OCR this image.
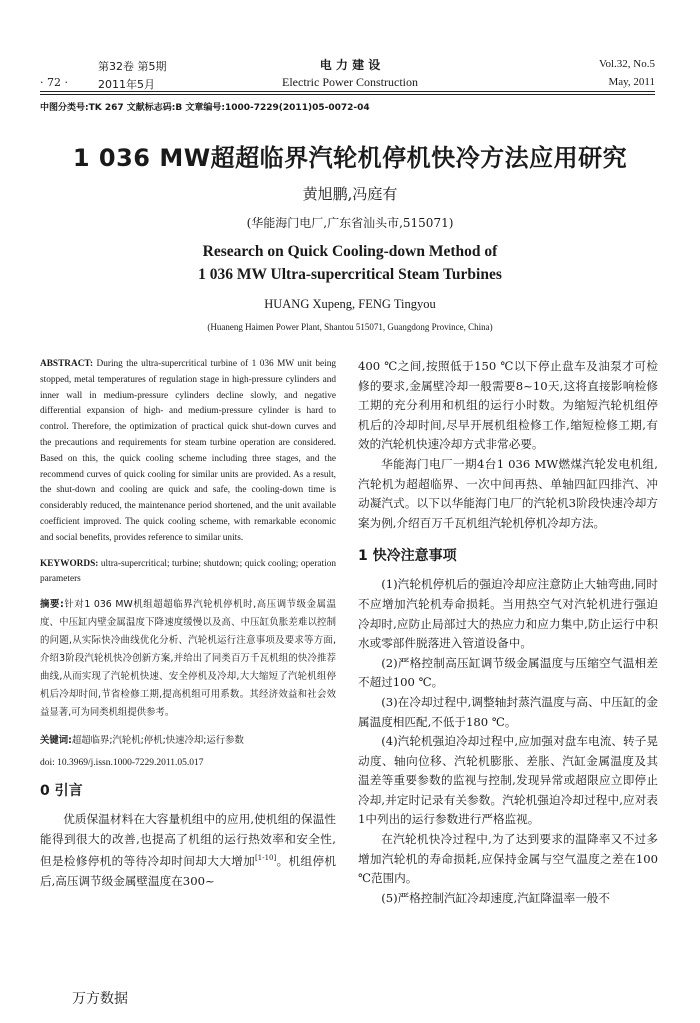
第32卷 第5期
· 72 ·	2011年5月
电 力 建 设
Electric Power Construction
Vol.32, No.5
May, 2011
中图分类号:TK 267 文献标志码:B 文章编号:1000-7229(2011)05-0072-04
1 036 MW超超临界汽轮机停机快冷方法应用研究
黄旭鹏,冯庭有
(华能海门电厂,广东省汕头市,515071)
Research on Quick Cooling-down Method of
1 036 MW Ultra-supercritical Steam Turbines
HUANG Xupeng, FENG Tingyou
(Huaneng Haimen Power Plant, Shantou 515071, Guangdong Province, China)

ABSTRACT: During the ultra-supercritical turbine of 1 036 MW unit being stopped, metal temperatures of regulation stage in high-pressure cylinders and inner wall in medium-pressure cylinders decline slowly, and negative differential expansion of high- and medium-pressure cylinder is hard to control. Therefore, the optimization of practical quick shut-down curves and the precautions and requirements for steam turbine operation are considered. Based on this, the quick cooling scheme including three stages, and the recommend curves of quick cooling for similar units are provided. As a result, the shut-down and cooling are quick and safe, the cooling-down time is considerably reduced, the maintenance period shortened, and the unit available coefficient improved. The quick cooling scheme, with remarkable economic and social benefits, provides reference to similar units.

KEYWORDS: ultra-supercritical; turbine; shutdown; quick cooling; operation parameters

摘要:针对1 036 MW机组超超临界汽轮机停机时,高压调节级金属温度、中压缸内壁金属温度下降速度缓慢以及高、中压缸负胀差难以控制的问题,从实际快冷曲线优化分析、汽轮机运行注意事项及要求等方面,介绍3阶段汽轮机快冷创新方案,并给出了同类百万千瓦机组的快冷推荐曲线,从而实现了汽轮机快速、安全停机及冷却,大大缩短了汽轮机组停机后冷却时间,节省检修工期,提高机组可用系数。其经济效益和社会效益显著,可为同类机组提供参考。

关键词:超超临界;汽轮机;停机;快速冷却;运行参数

doi: 10.3969/j.issn.1000-7229.2011.05.017

0 引言

优质保温材料在大容量机组中的应用,使机组的保温性能得到很大的改善,也提高了机组的运行热效率和安全性,但是检修停机的等待冷却时间却大大增加[1-10]。机组停机后,高压调节级金属壁温度在300~

400 ℃之间,按照低于150 ℃以下停止盘车及油泵才可检修的要求,金属壁冷却一般需要8~10天,这将直接影响检修工期的充分利用和机组的运行小时数。为缩短汽轮机组停机后的冷却时间,尽早开展机组检修工作,缩短检修工期,有效的汽轮机快速冷却方式非常必要。

华能海门电厂一期4台1 036 MW燃煤汽轮发电机组,汽轮机为超超临界、一次中间再热、单轴四缸四排汽、冲动凝汽式。以下以华能海门电厂的汽轮机3阶段快速冷却方案为例,介绍百万千瓦机组汽轮机停机冷却方法。

1 快冷注意事项

(1)汽轮机停机后的强迫冷却应注意防止大轴弯曲,同时不应增加汽轮机寿命损耗。当用热空气对汽轮机进行强迫冷却时,应防止局部过大的热应力和应力集中,防止运行中积水或零部件脱落进入管道设备中。

(2)严格控制高压缸调节级金属温度与压缩空气温相差不超过100 ℃。

(3)在冷却过程中,调整轴封蒸汽温度与高、中压缸的金属温度相匹配,不低于180 ℃。

(4)汽轮机强迫冷却过程中,应加强对盘车电流、转子晃动度、轴向位移、汽轮机膨胀、差胀、汽缸金属温度及其温差等重要参数的监视与控制,发现异常或超限应立即停止冷却,并定时记录有关参数。汽轮机强迫冷却过程中,应对表1中列出的运行参数进行严格监视。

在汽轮机快冷过程中,为了达到要求的温降率又不过多增加汽轮机的寿命损耗,应保持金属与空气温度之差在100 ℃范围内。

(5)严格控制汽缸冷却速度,汽缸降温率一般不

万方数据
